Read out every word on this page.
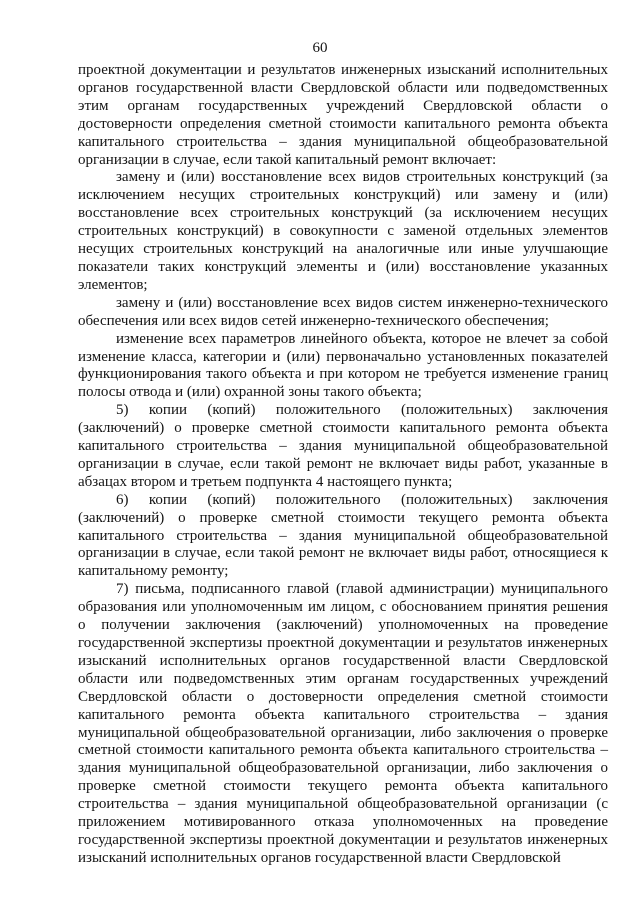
60

проектной документации и результатов инженерных изысканий исполнительных органов государственной власти Свердловской области или подведомственных этим органам государственных учреждений Свердловской области о достоверности определения сметной стоимости капитального ремонта объекта капитального строительства – здания муниципальной общеобразовательной организации в случае, если такой капитальный ремонт включает:

замену и (или) восстановление всех видов строительных конструкций (за исключением несущих строительных конструкций) или замену и (или) восстановление всех строительных конструкций (за исключением несущих строительных конструкций) в совокупности с заменой отдельных элементов несущих строительных конструкций на аналогичные или иные улучшающие показатели таких конструкций элементы и (или) восстановление указанных элементов;

замену и (или) восстановление всех видов систем инженерно-технического обеспечения или всех видов сетей инженерно-технического обеспечения;

изменение всех параметров линейного объекта, которое не влечет за собой изменение класса, категории и (или) первоначально установленных показателей функционирования такого объекта и при котором не требуется изменение границ полосы отвода и (или) охранной зоны такого объекта;

5) копии (копий) положительного (положительных) заключения (заключений) о проверке сметной стоимости капитального ремонта объекта капитального строительства – здания муниципальной общеобразовательной организации в случае, если такой ремонт не включает виды работ, указанные в абзацах втором и третьем подпункта 4 настоящего пункта;

6) копии (копий) положительного (положительных) заключения (заключений) о проверке сметной стоимости текущего ремонта объекта капитального строительства – здания муниципальной общеобразовательной организации в случае, если такой ремонт не включает виды работ, относящиеся к капитальному ремонту;

7) письма, подписанного главой (главой администрации) муниципального образования или уполномоченным им лицом, с обоснованием принятия решения о получении заключения (заключений) уполномоченных на проведение государственной экспертизы проектной документации и результатов инженерных изысканий исполнительных органов государственной власти Свердловской области или подведомственных этим органам государственных учреждений Свердловской области о достоверности определения сметной стоимости капитального ремонта объекта капитального строительства – здания муниципальной общеобразовательной организации, либо заключения о проверке сметной стоимости капитального ремонта объекта капитального строительства – здания муниципальной общеобразовательной организации, либо заключения о проверке сметной стоимости текущего ремонта объекта капитального строительства – здания муниципальной общеобразовательной организации (с приложением мотивированного отказа уполномоченных на проведение государственной экспертизы проектной документации и результатов инженерных изысканий исполнительных органов государственной власти Свердловской
